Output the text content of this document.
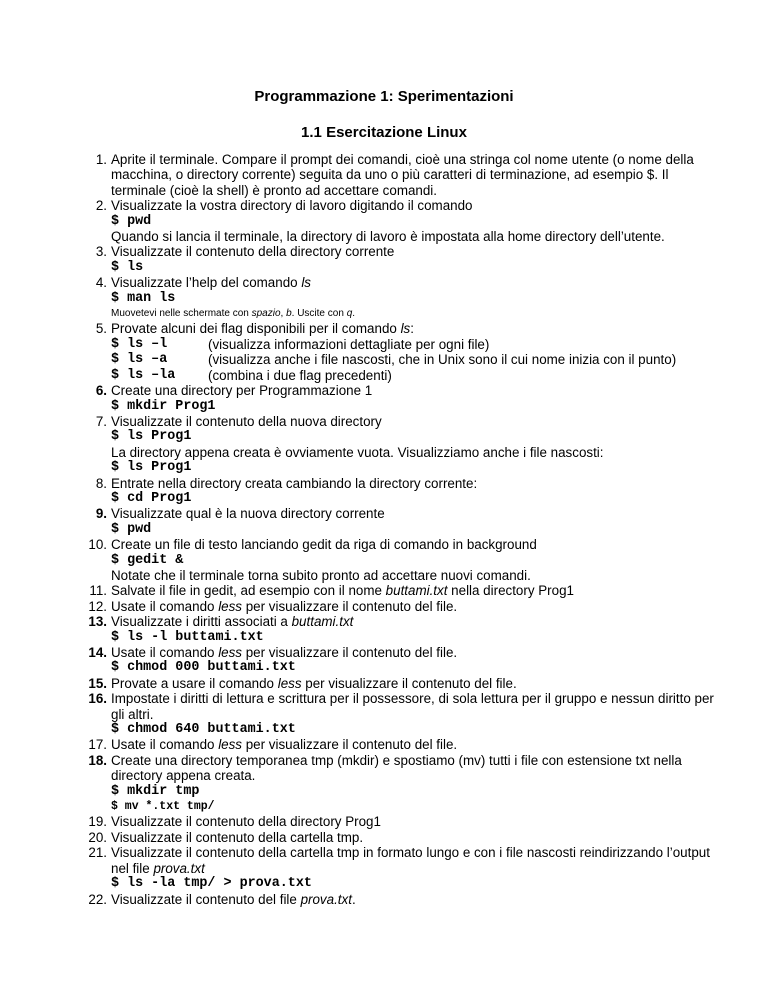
Programmazione 1: Sperimentazioni
1.1 Esercitazione Linux
1. Aprite il terminale. Compare il prompt dei comandi, cioè una stringa col nome utente (o nome della macchina, o directory corrente) seguita da uno o più caratteri di terminazione, ad esempio $. Il terminale (cioè la shell) è pronto ad accettare comandi.
2. Visualizzate la vostra directory di lavoro digitando il comando
$ pwd
Quando si lancia il terminale, la directory di lavoro è impostata alla home directory dell’utente.
3. Visualizzate il contenuto della directory corrente
$ ls
4. Visualizzate l’help del comando ls
$ man ls
Muovetevi nelle schermate con spazio, b. Uscite con q.
5. Provate alcuni dei flag disponibili per il comando ls:
$ ls –l	(visualizza informazioni dettagliate per ogni file)
$ ls –a	(visualizza anche i file nascosti, che in Unix sono il cui nome inizia con il punto)
$ ls –la	(combina i due flag precedenti)
6. Create una directory per Programmazione 1
$ mkdir Prog1
7. Visualizzate il contenuto della nuova directory
$ ls Prog1
La directory appena creata è ovviamente vuota. Visualizziamo anche i file nascosti:
$ ls Prog1
8. Entrate nella directory creata cambiando la directory corrente:
$ cd Prog1
9. Visualizzate qual è la nuova directory corrente
$ pwd
10. Create un file di testo lanciando gedit da riga di comando in background
$ gedit &
Notate che il terminale torna subito pronto ad accettare nuovi comandi.
11. Salvate il file in gedit, ad esempio con il nome buttami.txt nella directory Prog1
12. Usate il comando less per visualizzare il contenuto del file.
13. Visualizzate i diritti associati a buttami.txt
$ ls -l buttami.txt
14. Usate il comando less per visualizzare il contenuto del file.
$ chmod 000 buttami.txt
15. Provate a usare il comando less per visualizzare il contenuto del file.
16. Impostate i diritti di lettura e scrittura per il possessore, di sola lettura per il gruppo e nessun diritto per gli altri.
$ chmod 640 buttami.txt
17. Usate il comando less per visualizzare il contenuto del file.
18. Create una directory temporanea tmp (mkdir) e spostiamo (mv) tutti i file con estensione txt nella directory appena creata.
$ mkdir tmp
$ mv *.txt tmp/
19. Visualizzate il contenuto della directory Prog1
20. Visualizzate il contenuto della cartella tmp.
21. Visualizzate il contenuto della cartella tmp in formato lungo e con i file nascosti reindirizzando l’output nel file prova.txt
$ ls -la tmp/ > prova.txt
22. Visualizzate il contenuto del file prova.txt.
